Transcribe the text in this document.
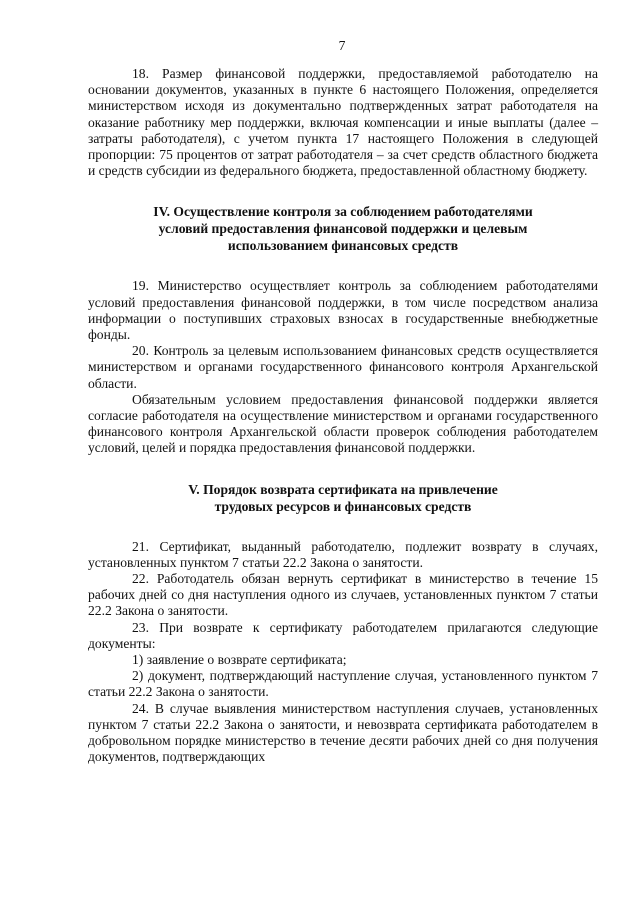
7

18. Размер финансовой поддержки, предоставляемой работодателю на основании документов, указанных в пункте 6 настоящего Положения, определяется министерством исходя из документально подтвержденных затрат работодателя на оказание работнику мер поддержки, включая компенсации и иные выплаты (далее – затраты работодателя), с учетом пункта 17 настоящего Положения в следующей пропорции: 75 процентов от затрат работодателя – за счет средств областного бюджета и средств субсидии из федерального бюджета, предоставленной областному бюджету.

IV. Осуществление контроля за соблюдением работодателями

условий предоставления финансовой поддержки и целевым

использованием финансовых средств

19. Министерство осуществляет контроль за соблюдением работодателями условий предоставления финансовой поддержки, в том числе посредством анализа информации о поступивших страховых взносах в государственные внебюджетные фонды.

20. Контроль за целевым использованием финансовых средств осуществляется министерством и органами государственного финансового контроля Архангельской области.

Обязательным условием предоставления финансовой поддержки является согласие работодателя на осуществление министерством и органами государственного финансового контроля Архангельской области проверок соблюдения работодателем условий, целей и порядка предоставления финансовой поддержки.

V. Порядок возврата сертификата на привлечение

трудовых ресурсов и финансовых средств

21. Сертификат, выданный работодателю, подлежит возврату в случаях, установленных пунктом 7 статьи 22.2 Закона о занятости.

22. Работодатель обязан вернуть сертификат в министерство в течение 15 рабочих дней со дня наступления одного из случаев, установленных пунктом 7 статьи 22.2 Закона о занятости.

23. При возврате к сертификату работодателем прилагаются следующие документы:

1) заявление о возврате сертификата;

2) документ, подтверждающий наступление случая, установленного пунктом 7 статьи 22.2 Закона о занятости.

24. В случае выявления министерством наступления случаев, установленных пунктом 7 статьи 22.2 Закона о занятости, и невозврата сертификата работодателем в добровольном порядке министерство в течение десяти рабочих дней со дня получения документов, подтверждающих
